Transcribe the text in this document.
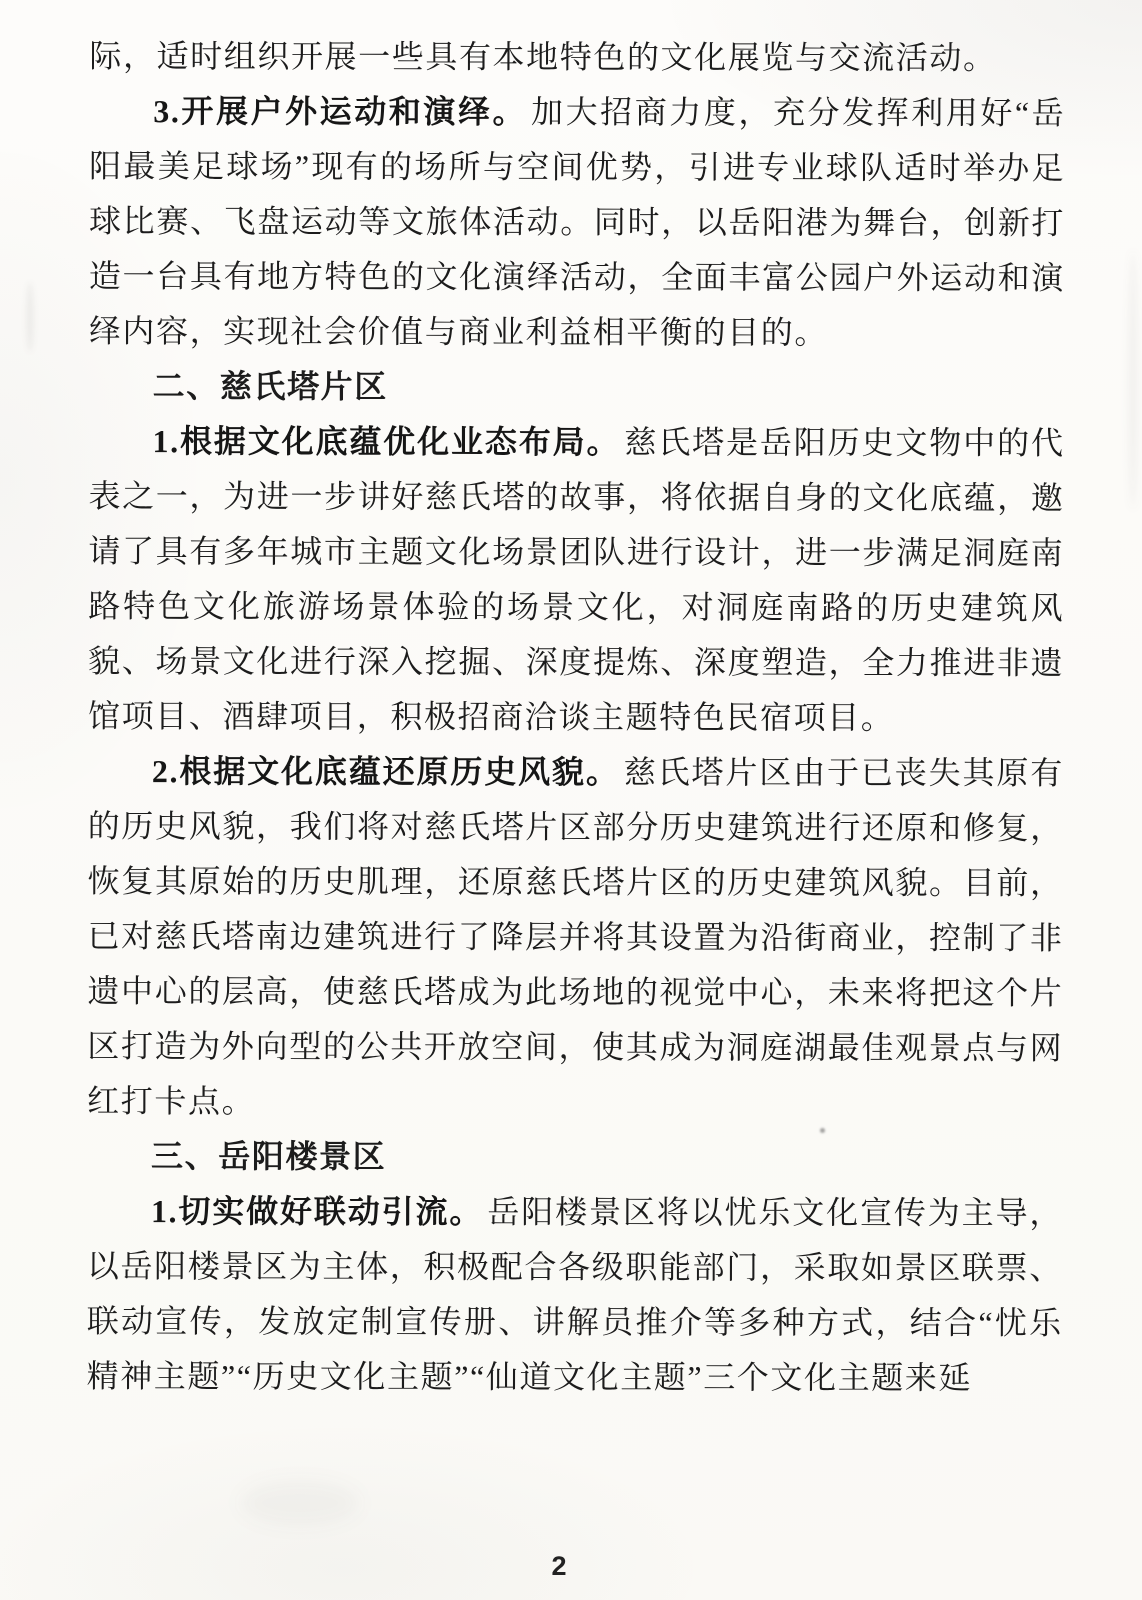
际，适时组织开展一些具有本地特色的文化展览与交流活动。

3.开展户外运动和演绎。 加大招商力度，充分发挥利用好“岳阳最美足球场”现有的场所与空间优势，引进专业球队适时举办足球比赛、飞盘运动等文旅体活动。同时，以岳阳港为舞台，创新打造一台具有地方特色的文化演绎活动，全面丰富公园户外运动和演绎内容，实现社会价值与商业利益相平衡的目的。

二、慈氏塔片区

1.根据文化底蕴优化业态布局。 慈氏塔是岳阳历史文物中的代表之一，为进一步讲好慈氏塔的故事，将依据自身的文化底蕴，邀请了具有多年城市主题文化场景团队进行设计，进一步满足洞庭南路特色文化旅游场景体验的场景文化，对洞庭南路的历史建筑风貌、场景文化进行深入挖掘、深度提炼、深度塑造，全力推进非遗馆项目、酒肆项目，积极招商洽谈主题特色民宿项目。

2.根据文化底蕴还原历史风貌。 慈氏塔片区由于已丧失其原有的历史风貌，我们将对慈氏塔片区部分历史建筑进行还原和修复，恢复其原始的历史肌理，还原慈氏塔片区的历史建筑风貌。目前，已对慈氏塔南边建筑进行了降层并将其设置为沿街商业，控制了非遗中心的层高，使慈氏塔成为此场地的视觉中心，未来将把这个片区打造为外向型的公共开放空间，使其成为洞庭湖最佳观景点与网红打卡点。

三、岳阳楼景区

1.切实做好联动引流。 岳阳楼景区将以忧乐文化宣传为主导，以岳阳楼景区为主体，积极配合各级职能部门，采取如景区联票、联动宣传，发放定制宣传册、讲解员推介等多种方式，结合“忧乐精神主题”“历史文化主题”“仙道文化主题”三个文化主题来延

2
